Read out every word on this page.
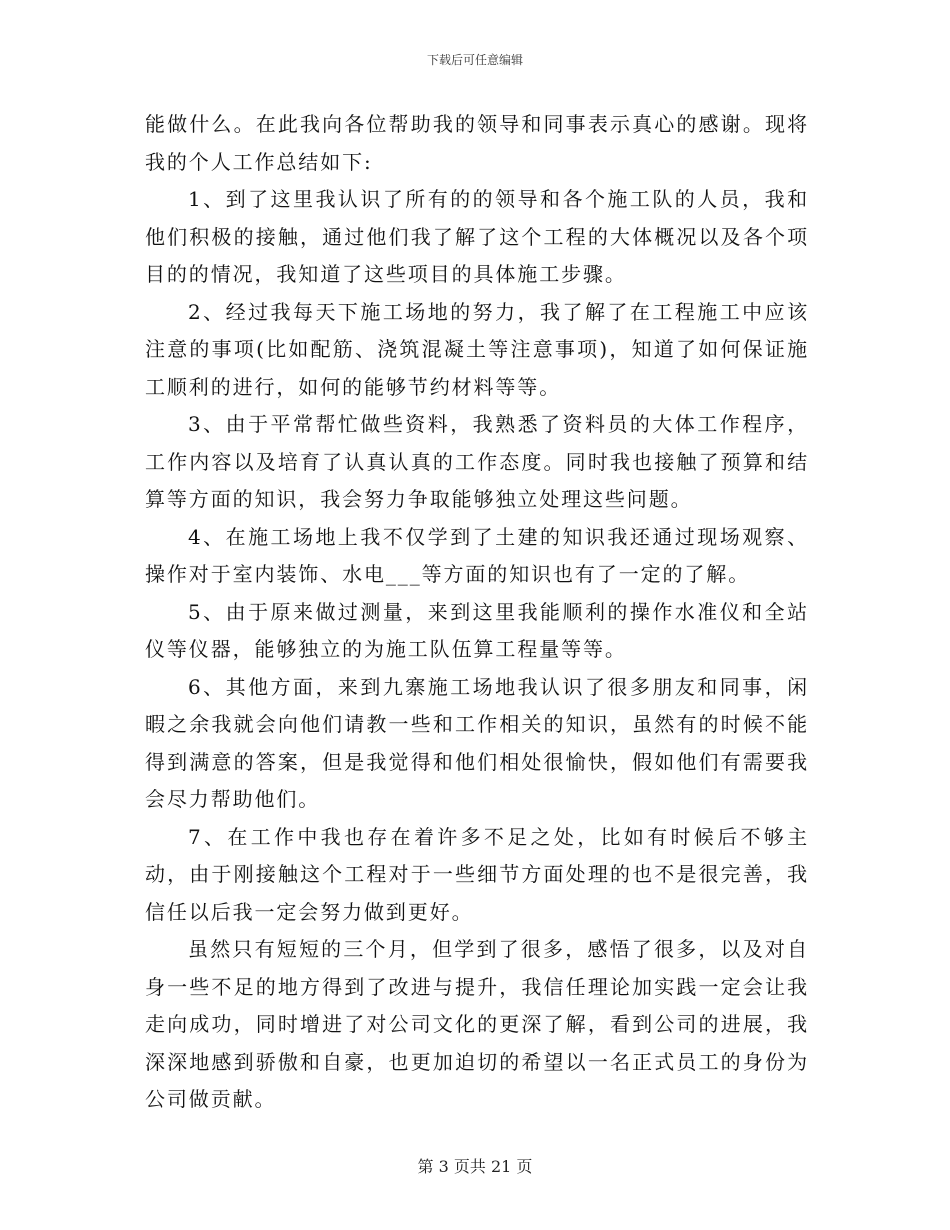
下载后可任意编辑

能做什么。在此我向各位帮助我的领导和同事表示真心的感谢。现将我的个人工作总结如下:

1、到了这里我认识了所有的的领导和各个施工队的人员，我和他们积极的接触，通过他们我了解了这个工程的大体概况以及各个项目的的情况，我知道了这些项目的具体施工步骤。

2、经过我每天下施工场地的努力，我了解了在工程施工中应该注意的事项(比如配筋、浇筑混凝土等注意事项)，知道了如何保证施工顺利的进行，如何的能够节约材料等等。

3、由于平常帮忙做些资料，我熟悉了资料员的大体工作程序，工作内容以及培育了认真认真的工作态度。同时我也接触了预算和结算等方面的知识，我会努力争取能够独立处理这些问题。

4、在施工场地上我不仅学到了土建的知识我还通过现场观察、操作对于室内装饰、水电___等方面的知识也有了一定的了解。

5、由于原来做过测量，来到这里我能顺利的操作水准仪和全站仪等仪器，能够独立的为施工队伍算工程量等等。

6、其他方面，来到九寨施工场地我认识了很多朋友和同事，闲暇之余我就会向他们请教一些和工作相关的知识，虽然有的时候不能得到满意的答案，但是我觉得和他们相处很愉快，假如他们有需要我会尽力帮助他们。

7、在工作中我也存在着许多不足之处，比如有时候后不够主动，由于刚接触这个工程对于一些细节方面处理的也不是很完善，我信任以后我一定会努力做到更好。

虽然只有短短的三个月，但学到了很多，感悟了很多，以及对自身一些不足的地方得到了改进与提升，我信任理论加实践一定会让我走向成功，同时增进了对公司文化的更深了解，看到公司的进展，我深深地感到骄傲和自豪，也更加迫切的希望以一名正式员工的身份为公司做贡献。

第 3 页共 21 页
